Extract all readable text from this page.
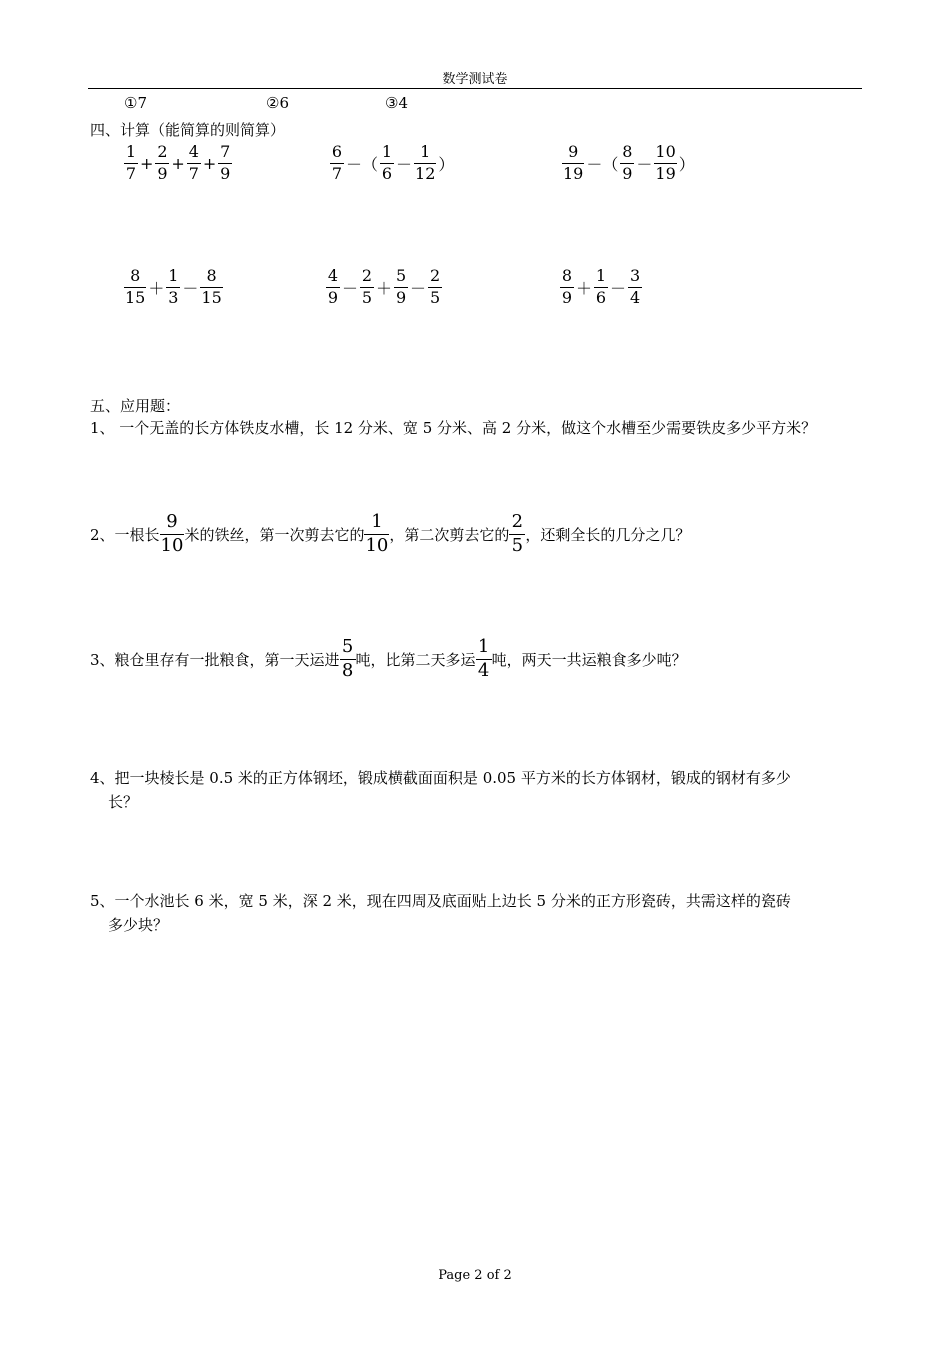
数学测试卷
①7	②6	③4
四、计算（能简算的则简算）
$\frac{1}{7} + \frac{2}{9} + \frac{4}{7} + \frac{7}{9}$	$\frac{6}{7}$ －（ $\frac{1}{6} - \frac{1}{12}$ ）	$\frac{9}{19}$ －（ $\frac{8}{9} - \frac{10}{19}$ ）
$\frac{8}{15} + \frac{1}{3} - \frac{8}{15}$	$\frac{4}{9} - \frac{2}{5} + \frac{5}{9} - \frac{2}{5}$	$\frac{8}{9} + \frac{1}{6} - \frac{3}{4}$
五、应用题：
1、 一个无盖的长方体铁皮水槽，长 12 分米、宽 5 分米、高 2 分米，做这个水槽至少需要铁皮多少平方米？
2、一根长 $\frac{9}{10}$ 米的铁丝，第一次剪去它的 $\frac{1}{10}$ ，第二次剪去它的 $\frac{2}{5}$ ，还剩全长的几分之几？
3、粮仓里存有一批粮食，第一天运进 $\frac{5}{8}$ 吨，比第二天多运 $\frac{1}{4}$ 吨，两天一共运粮食多少吨？
4、把一块棱长是 0.5 米的正方体钢坯，锻成横截面面积是 0.05 平方米的长方体钢材，锻成的钢材有多少
长？
5、一个水池长 6 米，宽 5 米，深 2 米，现在四周及底面贴上边长 5 分米的正方形瓷砖，共需这样的瓷砖
多少块？
Page 2 of 2
